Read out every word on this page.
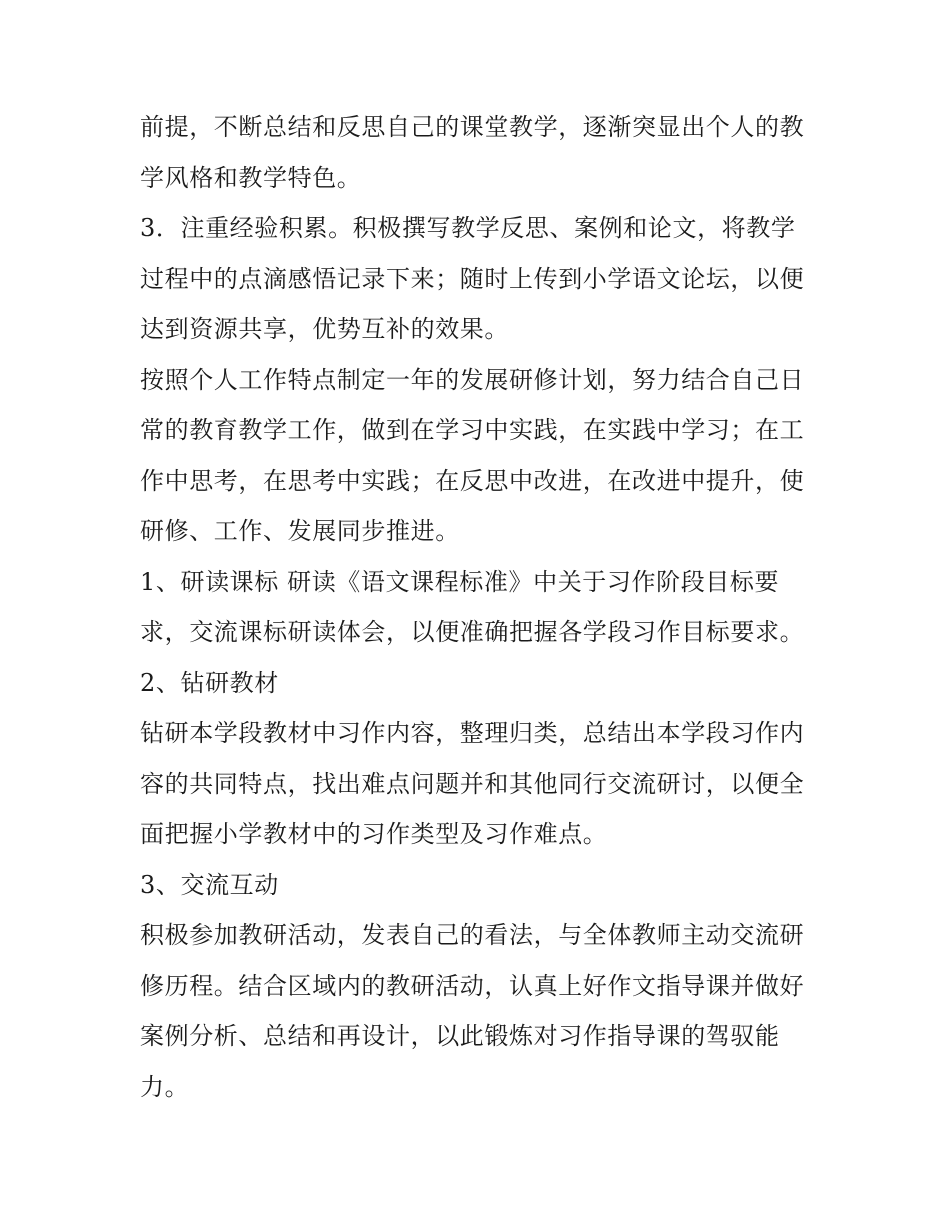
前提，不断总结和反思自己的课堂教学，逐渐突显出个人的教
学风格和教学特色。
3．注重经验积累。积极撰写教学反思、案例和论文，将教学
过程中的点滴感悟记录下来；随时上传到小学语文论坛，以便
达到资源共享，优势互补的效果。
按照个人工作特点制定一年的发展研修计划，努力结合自己日
常的教育教学工作，做到在学习中实践，在实践中学习；在工
作中思考，在思考中实践；在反思中改进，在改进中提升，使
研修、工作、发展同步推进。
1、研读课标 研读《语文课程标准》中关于习作阶段目标要
求，交流课标研读体会，以便准确把握各学段习作目标要求。
2、钻研教材
钻研本学段教材中习作内容，整理归类，总结出本学段习作内
容的共同特点，找出难点问题并和其他同行交流研讨，以便全
面把握小学教材中的习作类型及习作难点。
3、交流互动
积极参加教研活动，发表自己的看法，与全体教师主动交流研
修历程。结合区域内的教研活动，认真上好作文指导课并做好
案例分析、总结和再设计，以此锻炼对习作指导课的驾驭能
力。
